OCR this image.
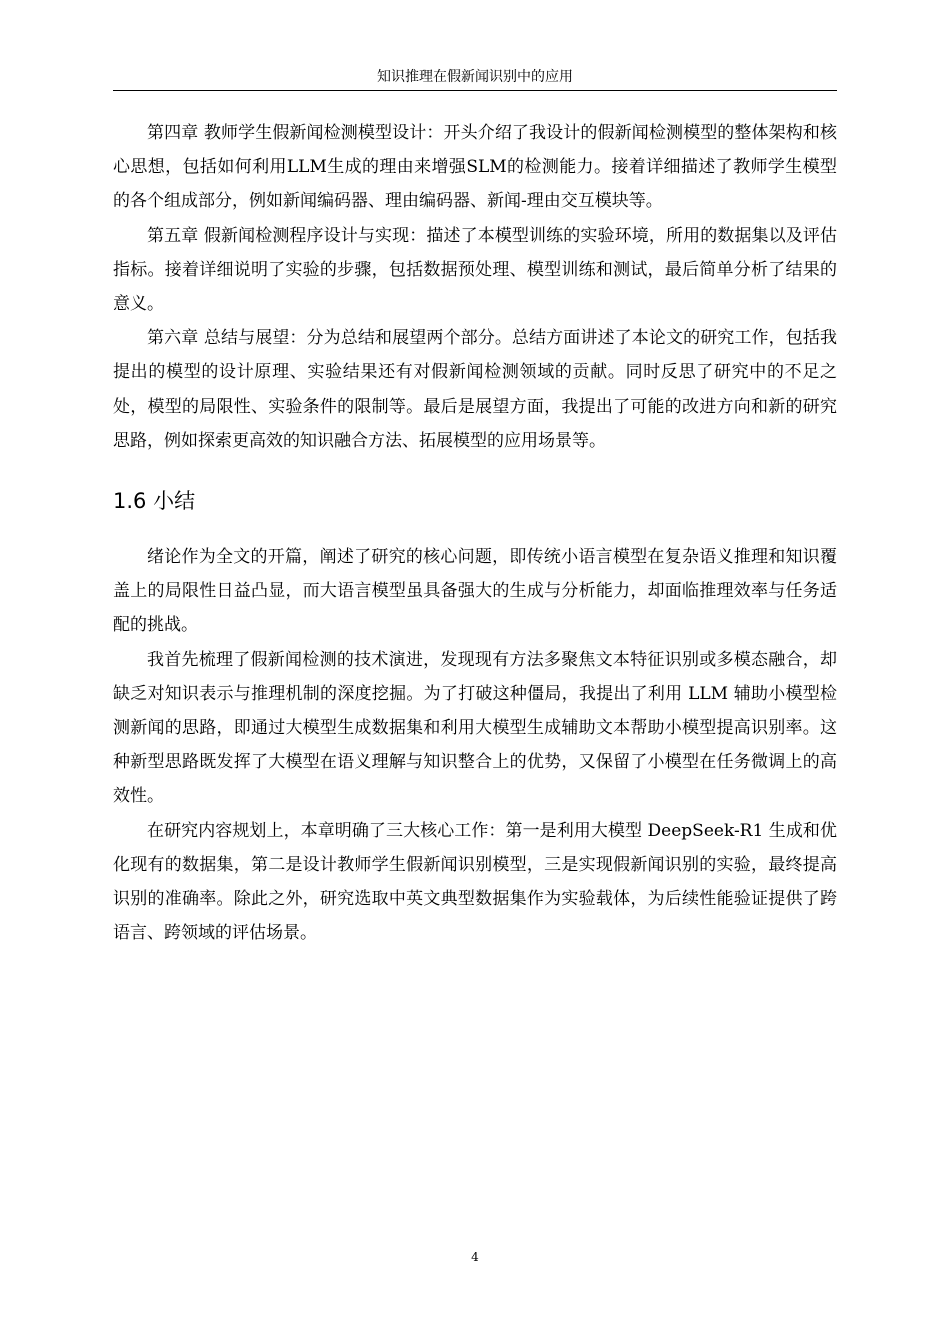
知识推理在假新闻识别中的应用

第四章 教师学生假新闻检测模型设计：开头介绍了我设计的假新闻检测模型的整体架构和核心思想，包括如何利用LLM生成的理由来增强SLM的检测能力。接着详细描述了教师学生模型的各个组成部分，例如新闻编码器、理由编码器、新闻-理由交互模块等。

第五章 假新闻检测程序设计与实现：描述了本模型训练的实验环境，所用的数据集以及评估指标。接着详细说明了实验的步骤，包括数据预处理、模型训练和测试，最后简单分析了结果的意义。

第六章 总结与展望：分为总结和展望两个部分。总结方面讲述了本论文的研究工作，包括我提出的模型的设计原理、实验结果还有对假新闻检测领域的贡献。同时反思了研究中的不足之处，模型的局限性、实验条件的限制等。最后是展望方面，我提出了可能的改进方向和新的研究思路，例如探索更高效的知识融合方法、拓展模型的应用场景等。

1.6 小结

绪论作为全文的开篇，阐述了研究的核心问题，即传统小语言模型在复杂语义推理和知识覆盖上的局限性日益凸显，而大语言模型虽具备强大的生成与分析能力，却面临推理效率与任务适配的挑战。

我首先梳理了假新闻检测的技术演进，发现现有方法多聚焦文本特征识别或多模态融合，却缺乏对知识表示与推理机制的深度挖掘。为了打破这种僵局，我提出了利用 LLM 辅助小模型检测新闻的思路，即通过大模型生成数据集和利用大模型生成辅助文本帮助小模型提高识别率。这种新型思路既发挥了大模型在语义理解与知识整合上的优势，又保留了小模型在任务微调上的高效性。

在研究内容规划上，本章明确了三大核心工作：第一是利用大模型 DeepSeek-R1 生成和优化现有的数据集，第二是设计教师学生假新闻识别模型，三是实现假新闻识别的实验，最终提高识别的准确率。除此之外，研究选取中英文典型数据集作为实验载体，为后续性能验证提供了跨语言、跨领域的评估场景。

4
